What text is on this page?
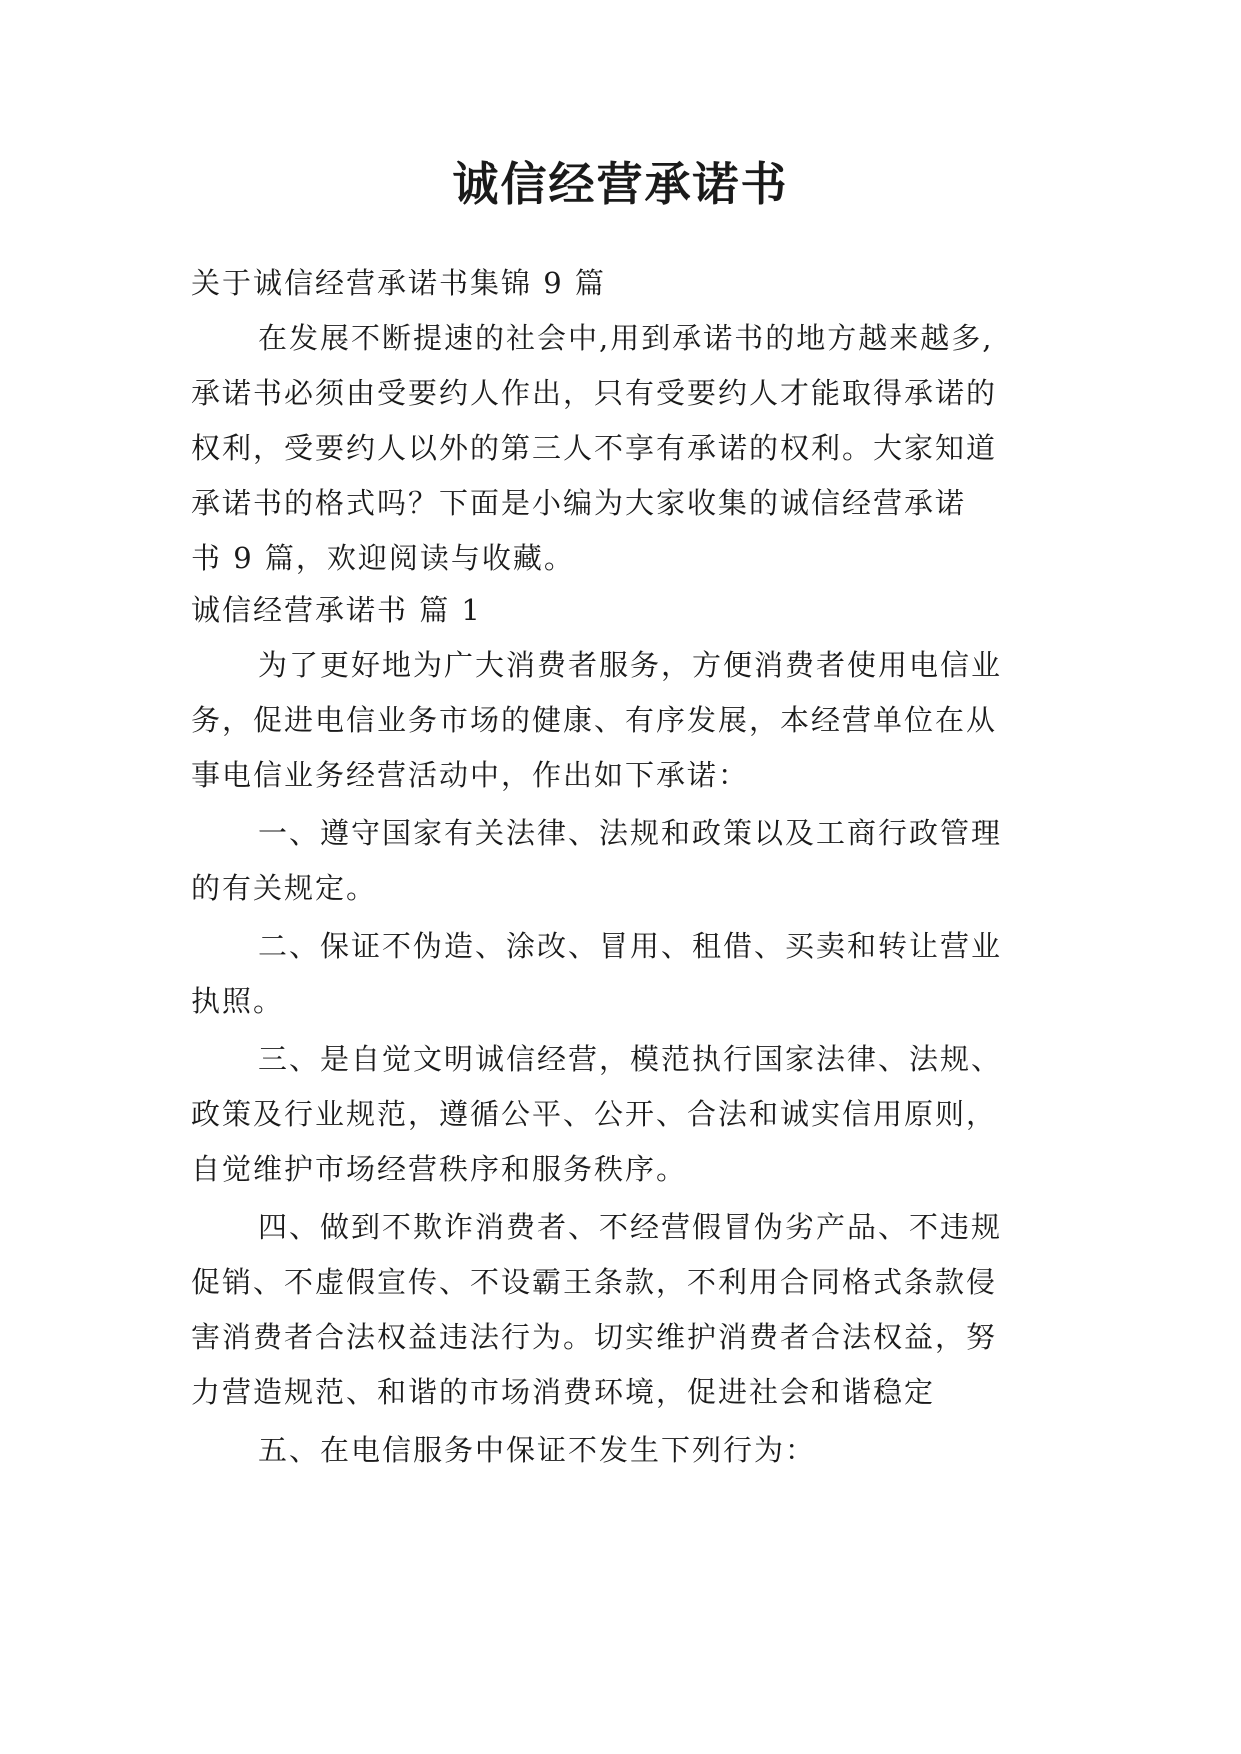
诚信经营承诺书

关于诚信经营承诺书集锦 9 篇

在发展不断提速的社会中,用到承诺书的地方越来越多,

承诺书必须由受要约人作出，只有受要约人才能取得承诺的

权利，受要约人以外的第三人不享有承诺的权利。大家知道

承诺书的格式吗？下面是小编为大家收集的诚信经营承诺

书 9 篇，欢迎阅读与收藏。

诚信经营承诺书 篇 1

为了更好地为广大消费者服务，方便消费者使用电信业

务，促进电信业务市场的健康、有序发展，本经营单位在从

事电信业务经营活动中，作出如下承诺：

一、遵守国家有关法律、法规和政策以及工商行政管理

的有关规定。

二、保证不伪造、涂改、冒用、租借、买卖和转让营业

执照。

三、是自觉文明诚信经营，模范执行国家法律、法规、

政策及行业规范，遵循公平、公开、合法和诚实信用原则，

自觉维护市场经营秩序和服务秩序。

四、做到不欺诈消费者、不经营假冒伪劣产品、不违规

促销、不虚假宣传、不设霸王条款，不利用合同格式条款侵

害消费者合法权益违法行为。切实维护消费者合法权益，努

力营造规范、和谐的市场消费环境，促进社会和谐稳定

五、在电信服务中保证不发生下列行为：
